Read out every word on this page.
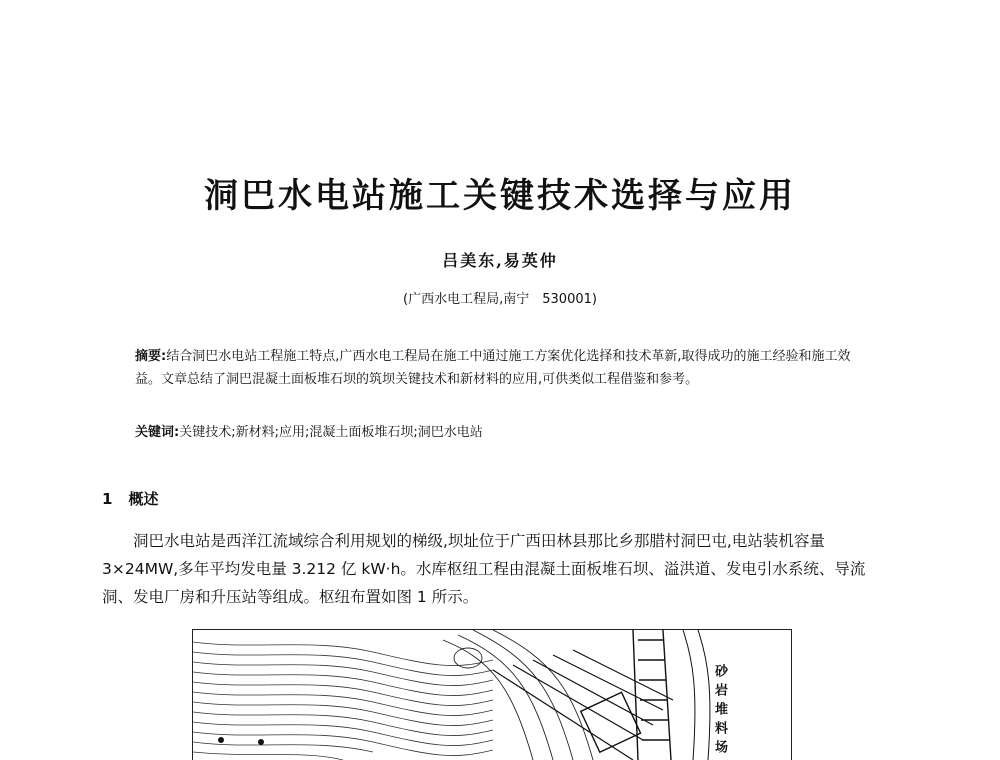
洞巴水电站施工关键技术选择与应用
吕美东,易英仲
(广西水电工程局,南宁　530001)
摘要:结合洞巴水电站工程施工特点,广西水电工程局在施工中通过施工方案优化选择和技术革新,取得成功的施工经验和施工效益。文章总结了洞巴混凝土面板堆石坝的筑坝关键技术和新材料的应用,可供类似工程借鉴和参考。
关键词:关键技术;新材料;应用;混凝土面板堆石坝;洞巴水电站
1 概述
洞巴水电站是西洋江流域综合利用规划的梯级,坝址位于广西田林县那比乡那腊村洞巴屯,电站装机容量 3×24MW,多年平均发电量 3.212 亿 kW·h。水库枢纽工程由混凝土面板堆石坝、溢洪道、发电引水系统、导流洞、发电厂房和升压站等组成。枢纽布置如图 1 所示。
砂岩堆料场
